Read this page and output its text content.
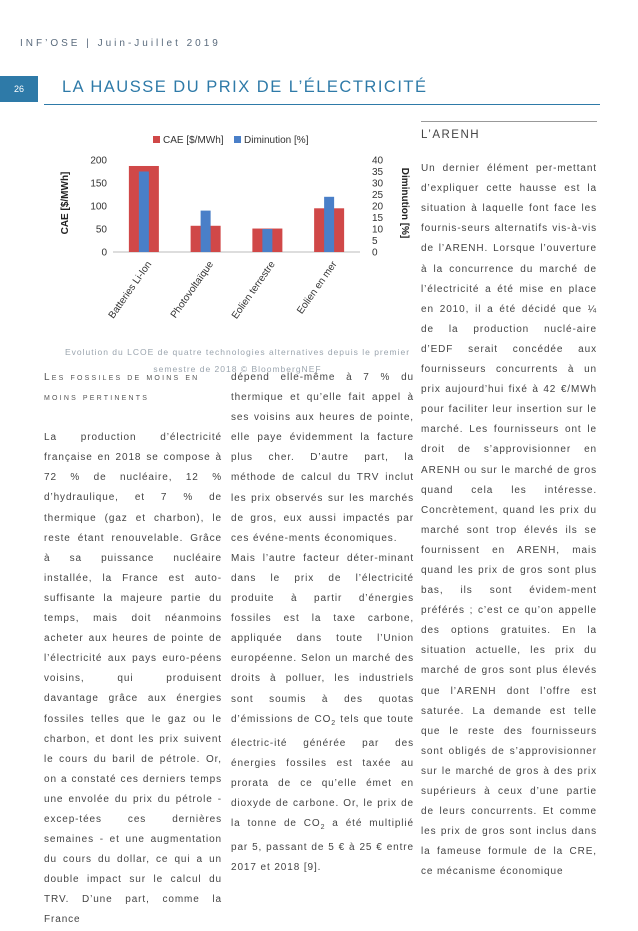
INF’OSE | Juin-Juillet 2019
26	LA HAUSSE DU PRIX DE L’ÉLECTRICITÉ
CAE [$/MWh] Diminution [%]
CAE [$/MWh]	Diminution [%]
0
50
100
150
200
0
5
10
15
20
25
30
35
40
Batteries Li-Ion Photovoltaïque Eolien terrestre Eolien en mer
Evolution du LCOE de quatre technologies alternatives depuis le premier
semestre de 2018 © BloombergNEF

Les fossiles de moins en moins pertinents

La production d’électricité française en 2018 se compose à 72 % de nucléaire, 12 % d’hydraulique, et 7 % de thermique (gaz et charbon), le reste étant renouvelable. Grâce à sa puissance nucléaire installée, la France est auto-suffisante la majeure partie du temps, mais doit néanmoins acheter aux heures de pointe de l’électricité aux pays euro-péens voisins, qui produisent davantage grâce aux énergies fossiles telles que le gaz ou le charbon, et dont les prix suivent le cours du baril de pétrole. Or, on a constaté ces derniers temps une envolée du prix du pétrole - excep-tées ces dernières semaines - et une augmentation du cours du dollar, ce qui a un double impact sur le calcul du TRV. D’une part, comme la France

dépend elle-même à 7 % du thermique et qu’elle fait appel à ses voisins aux heures de pointe, elle paye évidemment la facture plus cher. D’autre part, la méthode de calcul du TRV inclut les prix observés sur les marchés de gros, eux aussi impactés par ces événe-ments économiques.

Mais l’autre facteur déter-minant dans le prix de l’électricité produite à partir d’énergies fossiles est la taxe carbone, appliquée dans toute l’Union européenne. Selon un marché des droits à polluer, les industriels sont soumis à des quotas d’émissions de $CO_2$ tels que toute électric-ité générée par des énergies fossiles est taxée au prorata de ce qu’elle émet en dioxyde de carbone. Or, le prix de la tonne de $CO_2$ a été multiplié par 5, passant de 5 € à 25 € entre 2017 et 2018 [9].

L’ARENH

Un dernier élément per-mettant d’expliquer cette hausse est la situation à laquelle font face les fournis-seurs alternatifs vis-à-vis de l’ARENH. Lorsque l’ouverture à la concurrence du marché de l’électricité a été mise en place en 2010, il a été décidé que ¼ de la production nuclé-aire d’EDF serait concédée aux fournisseurs concurrents à un prix aujourd’hui fixé à 42 €/MWh pour faciliter leur insertion sur le marché. Les fournisseurs ont le droit de s’approvisionner en ARENH ou sur le marché de gros quand cela les intéresse. Concrètement, quand les prix du marché sont trop élevés ils se fournissent en ARENH, mais quand les prix de gros sont plus bas, ils sont évidem-ment préférés ; c’est ce qu’on appelle des options gratuites. En la situation actuelle, les prix du marché de gros sont plus élevés que l’ARENH dont l’offre est saturée. La demande est telle que le reste des fournisseurs sont obligés de s’approvisionner sur le marché de gros à des prix supérieurs à ceux d’une partie de leurs concurrents. Et comme les prix de gros sont inclus dans la fameuse formule de la CRE, ce mécanisme économique
